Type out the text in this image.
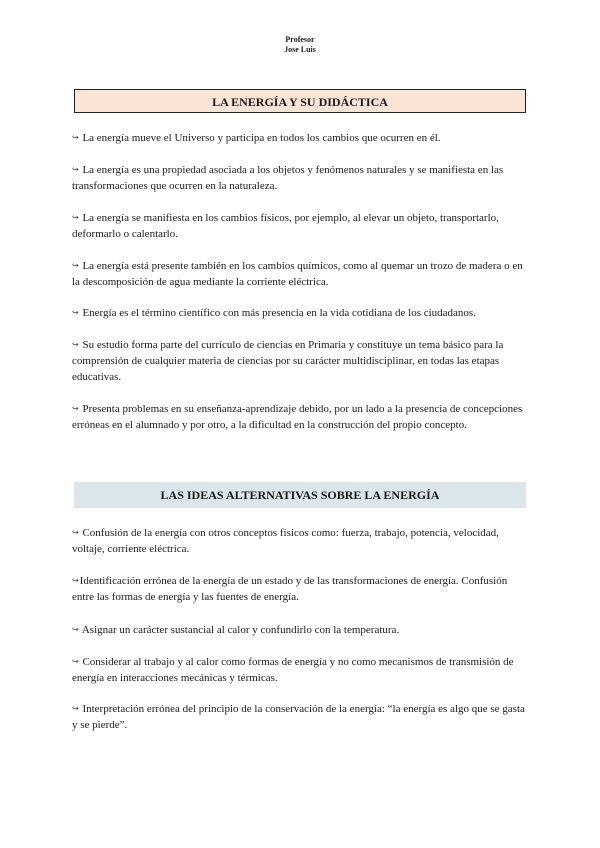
Profesor
Jose Luis
LA ENERGÍA Y SU DIDÁCTICA

↪ La energía mueve el Universo y participa en todos los cambios que ocurren en él.

↪ La energía es una propiedad asociada a los objetos y fenómenos naturales y se manifiesta en las transformaciones que ocurren en la naturaleza.

↪ La energía se manifiesta en los cambios físicos, por ejemplo, al elevar un objeto, transportarlo, deformarlo o calentarlo.

↪ La energía está presente también en los cambios químicos, como al quemar un trozo de madera o en la descomposición de agua mediante la corriente eléctrica.

↪ Energía es el término científico con más presencia en la vida cotidiana de los ciudadanos.

↪ Su estudio forma parte del currículo de ciencias en Primaria y constituye un tema básico para la comprensión de cualquier materia de ciencias por su carácter multidisciplinar, en todas las etapas educativas.

↪ Presenta problemas en su enseñanza-aprendizaje debido, por un lado a la presencia de concepciones erróneas en el alumnado y por otro, a la dificultad en la construcción del propio concepto.

LAS IDEAS ALTERNATIVAS SOBRE LA ENERGÍA

↪ Confusión de la energía con otros conceptos físicos como: fuerza, trabajo, potencia, velocidad, voltaje, corriente eléctrica.

↪Identificación errónea de la energía de un estado y de las transformaciones de energía. Confusión entre las formas de energía y las fuentes de energía.

↪ Asignar un carácter sustancial al calor y confundirlo con la temperatura.

↪ Considerar al trabajo y al calor como formas de energía y no como mecanismos de transmisión de energía en interacciones mecánicas y térmicas.

↪ Interpretación errónea del principio de la conservación de la energía: “la energía es algo que se gasta y se pierde”.
